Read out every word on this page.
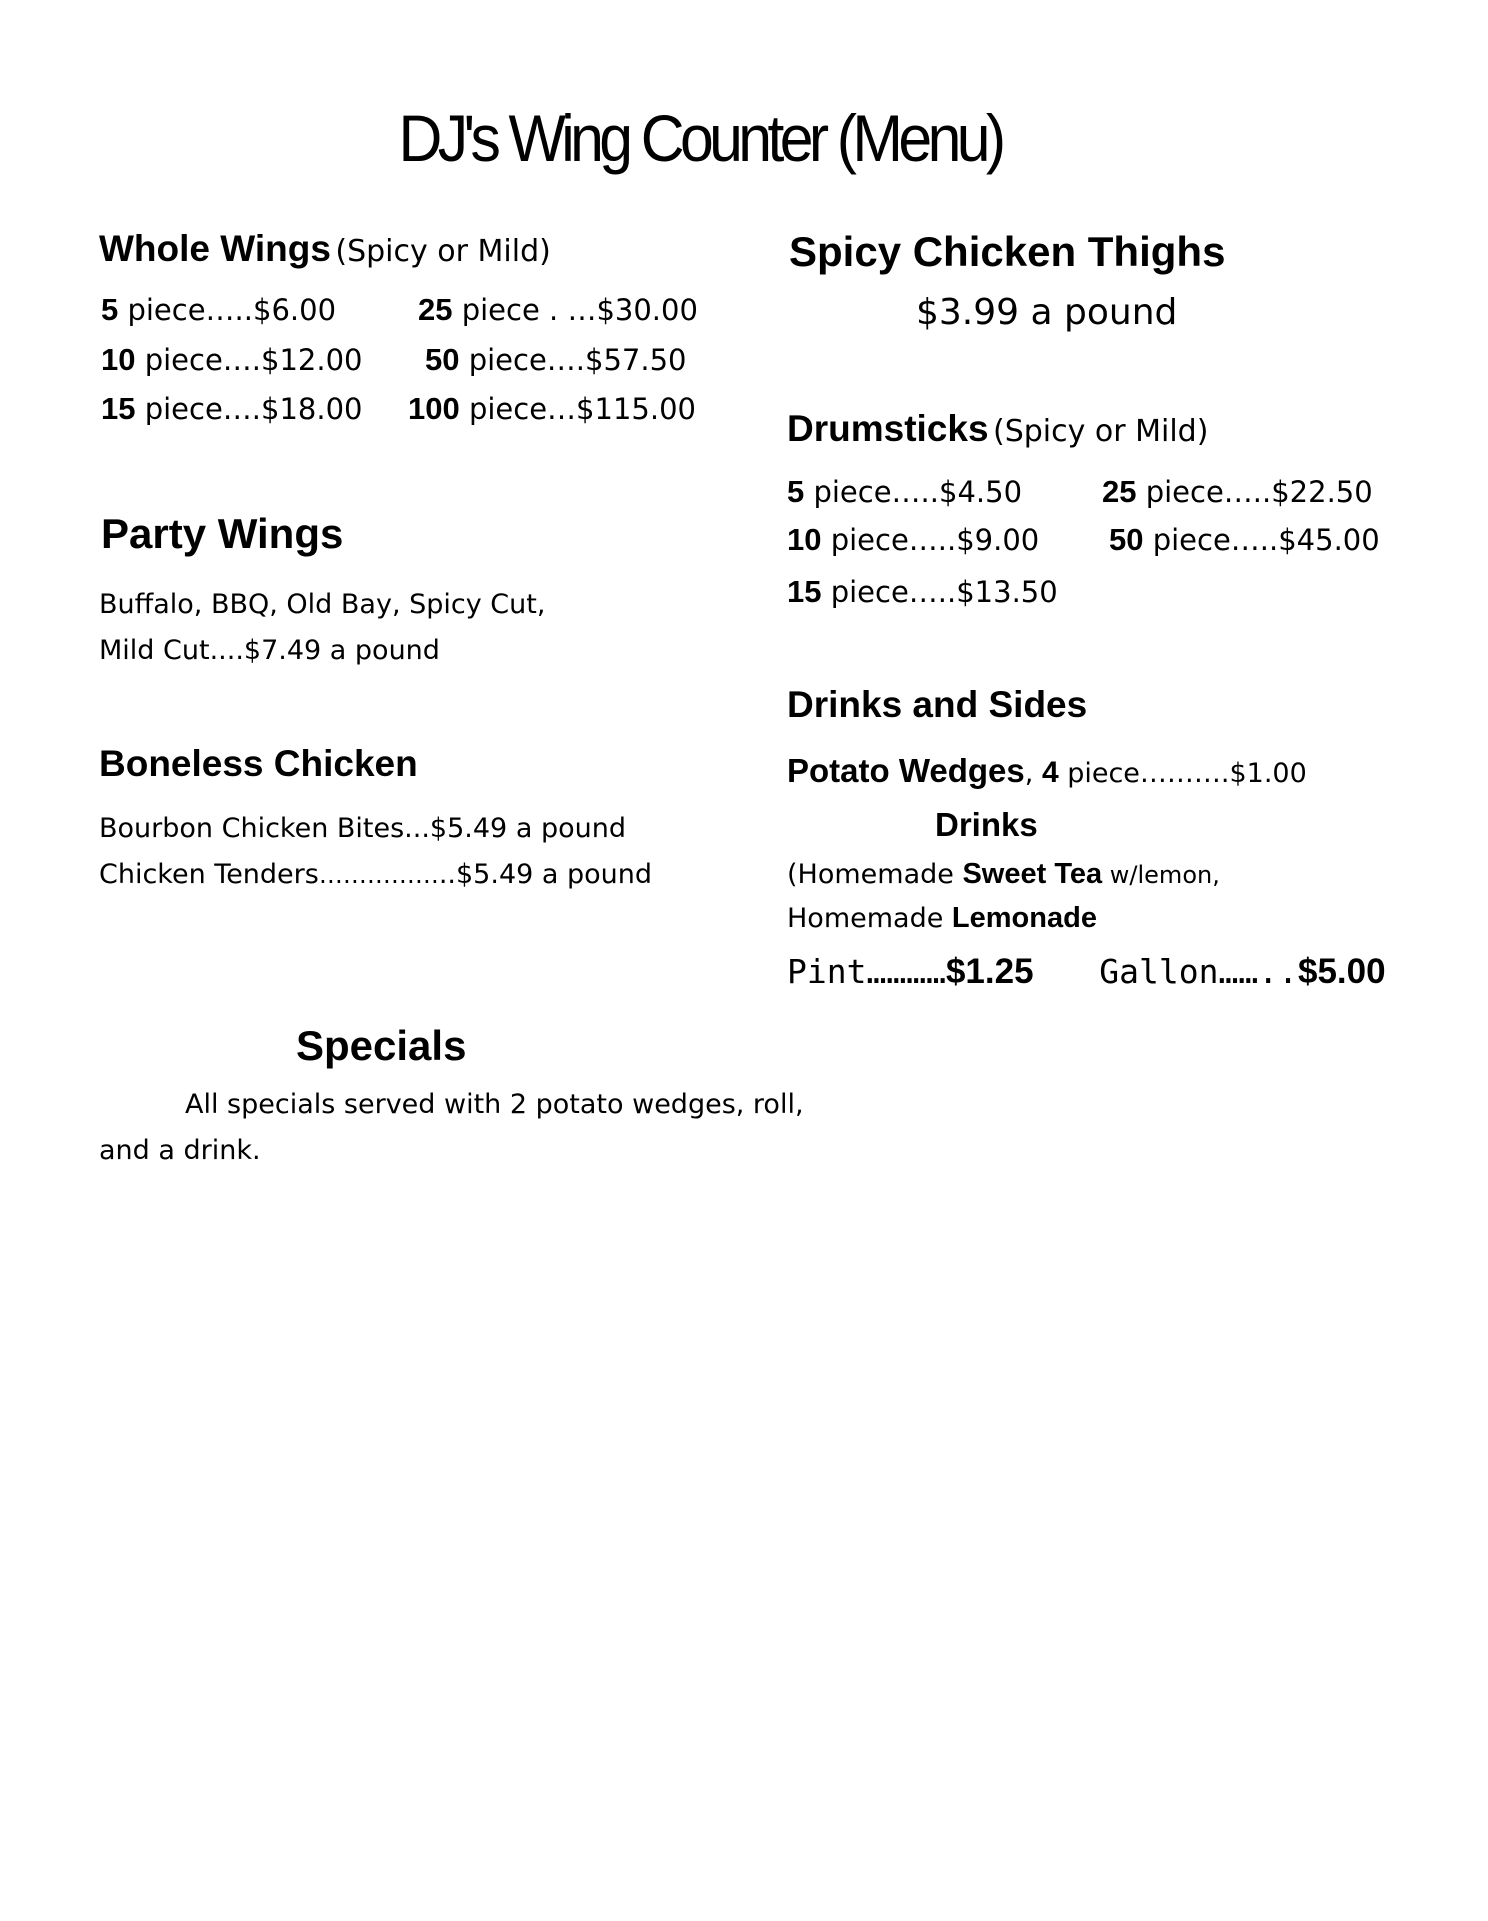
DJ's Wing Counter (Menu)
Whole Wings (Spicy or Mild)
5 piece…..$6.00
10 piece….$12.00
15 piece….$18.00
25 piece . …$30.00
50 piece….$57.50
100 piece…$115.00
Party Wings
Buffalo, BBQ, Old Bay, Spicy Cut,
Mild Cut....$7.49 a pound
Boneless Chicken
Bourbon Chicken Bites...$5.49 a pound
Chicken Tenders……………..$5.49 a pound
Specials
All specials served with 2 potato wedges, roll,
and a drink.
Spicy Chicken Thighs
$3.99 a pound
Drumsticks (Spicy or Mild)
5 piece…..$4.50
10 piece…..$9.00
15 piece…..$13.50
25 piece…..$22.50
50 piece…..$45.00
Drinks and Sides
Potato Wedges, 4 piece……….$1.00
Drinks
(Homemade Sweet Tea w/lemon,
Homemade Lemonade
Pint…………$1.25 Gallon……..$5.00
